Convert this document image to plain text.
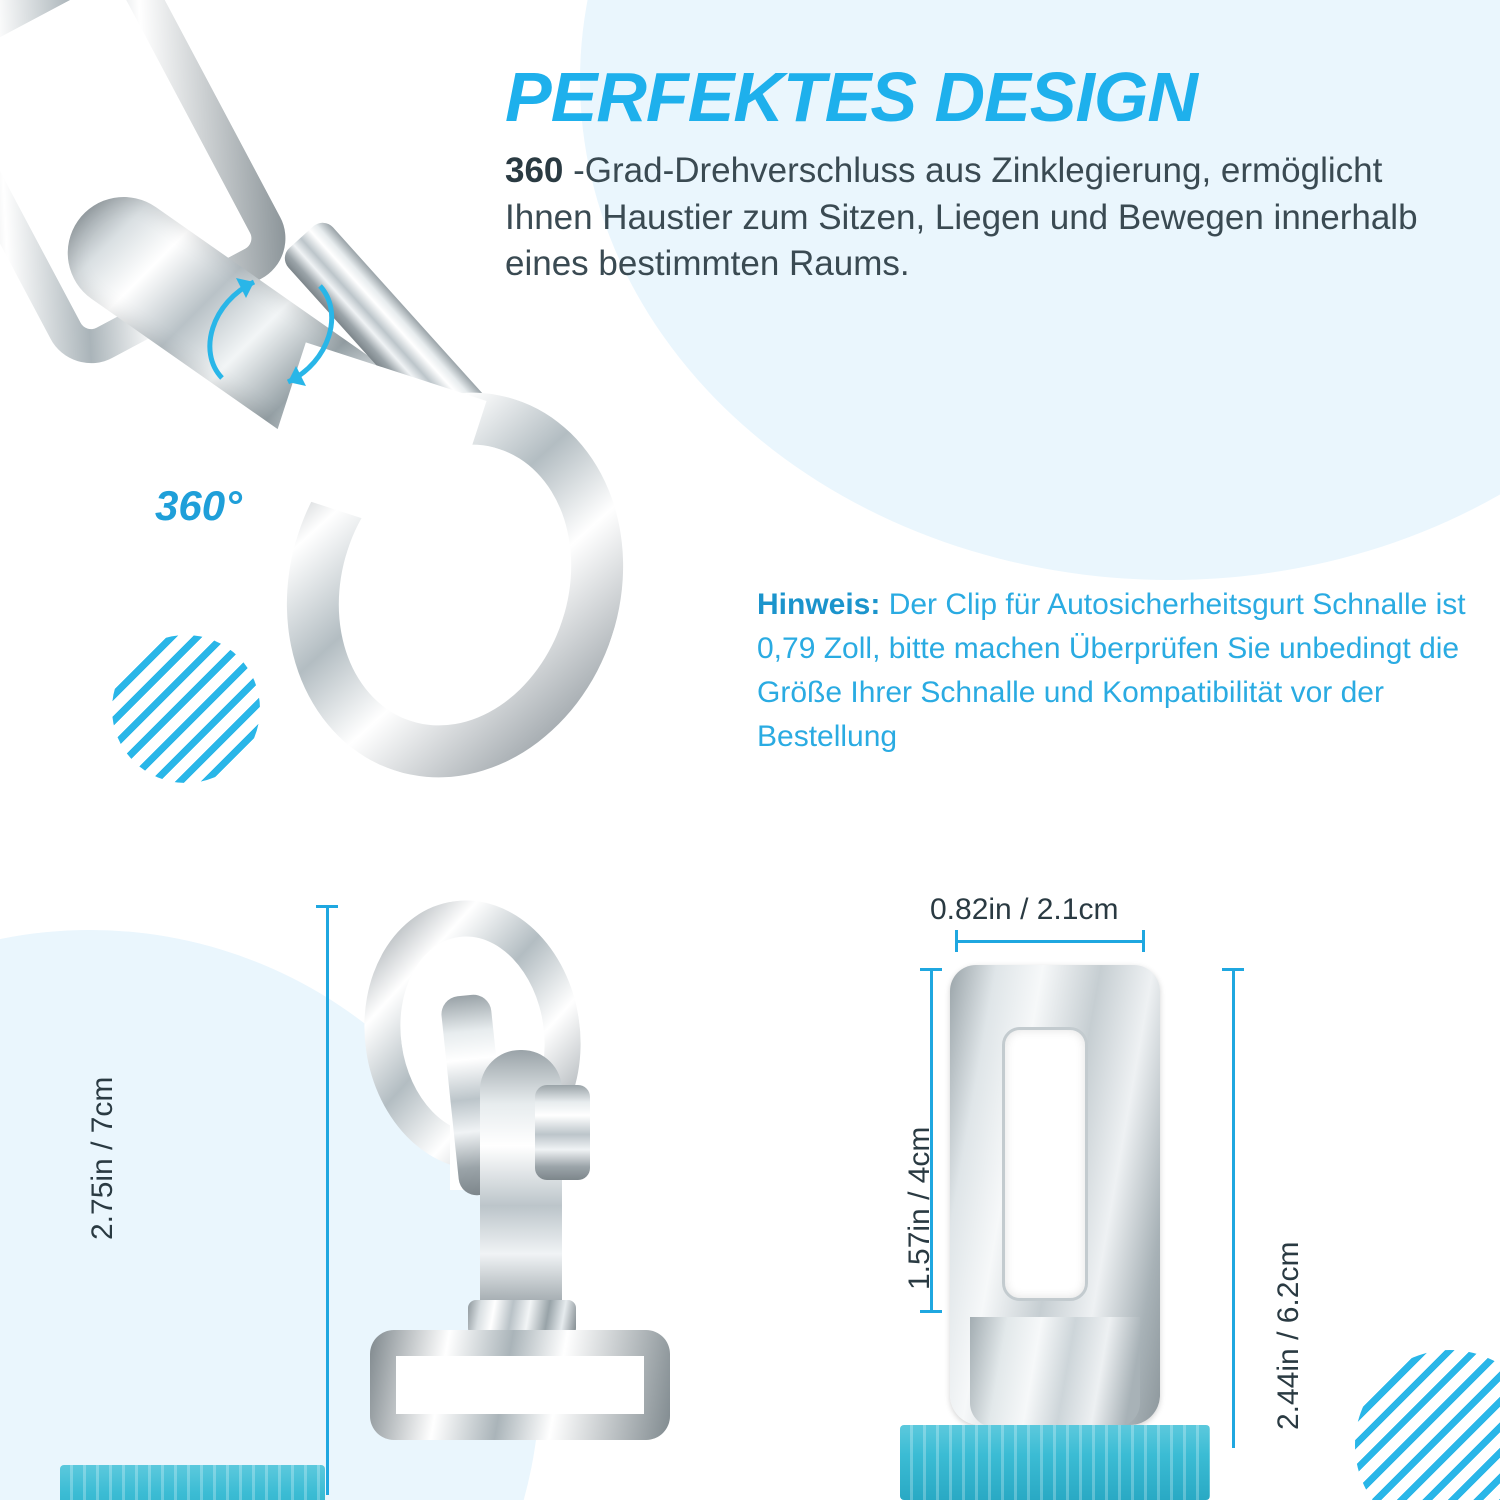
PERFEKTES DESIGN

360 -Grad-Drehverschluss aus Zinklegierung, ermöglicht Ihnen Haustier zum Sitzen, Liegen und Bewegen innerhalb eines bestimmten Raums.

Hinweis: Der Clip für Autosicherheitsgurt Schnalle ist 0,79 Zoll, bitte machen Überprüfen Sie unbedingt die Größe Ihrer Schnalle und Kompatibilität vor der Bestellung
360°
2.75in / 7cm
0.82in / 2.1cm
1.57in / 4cm
2.44in / 6.2cm
